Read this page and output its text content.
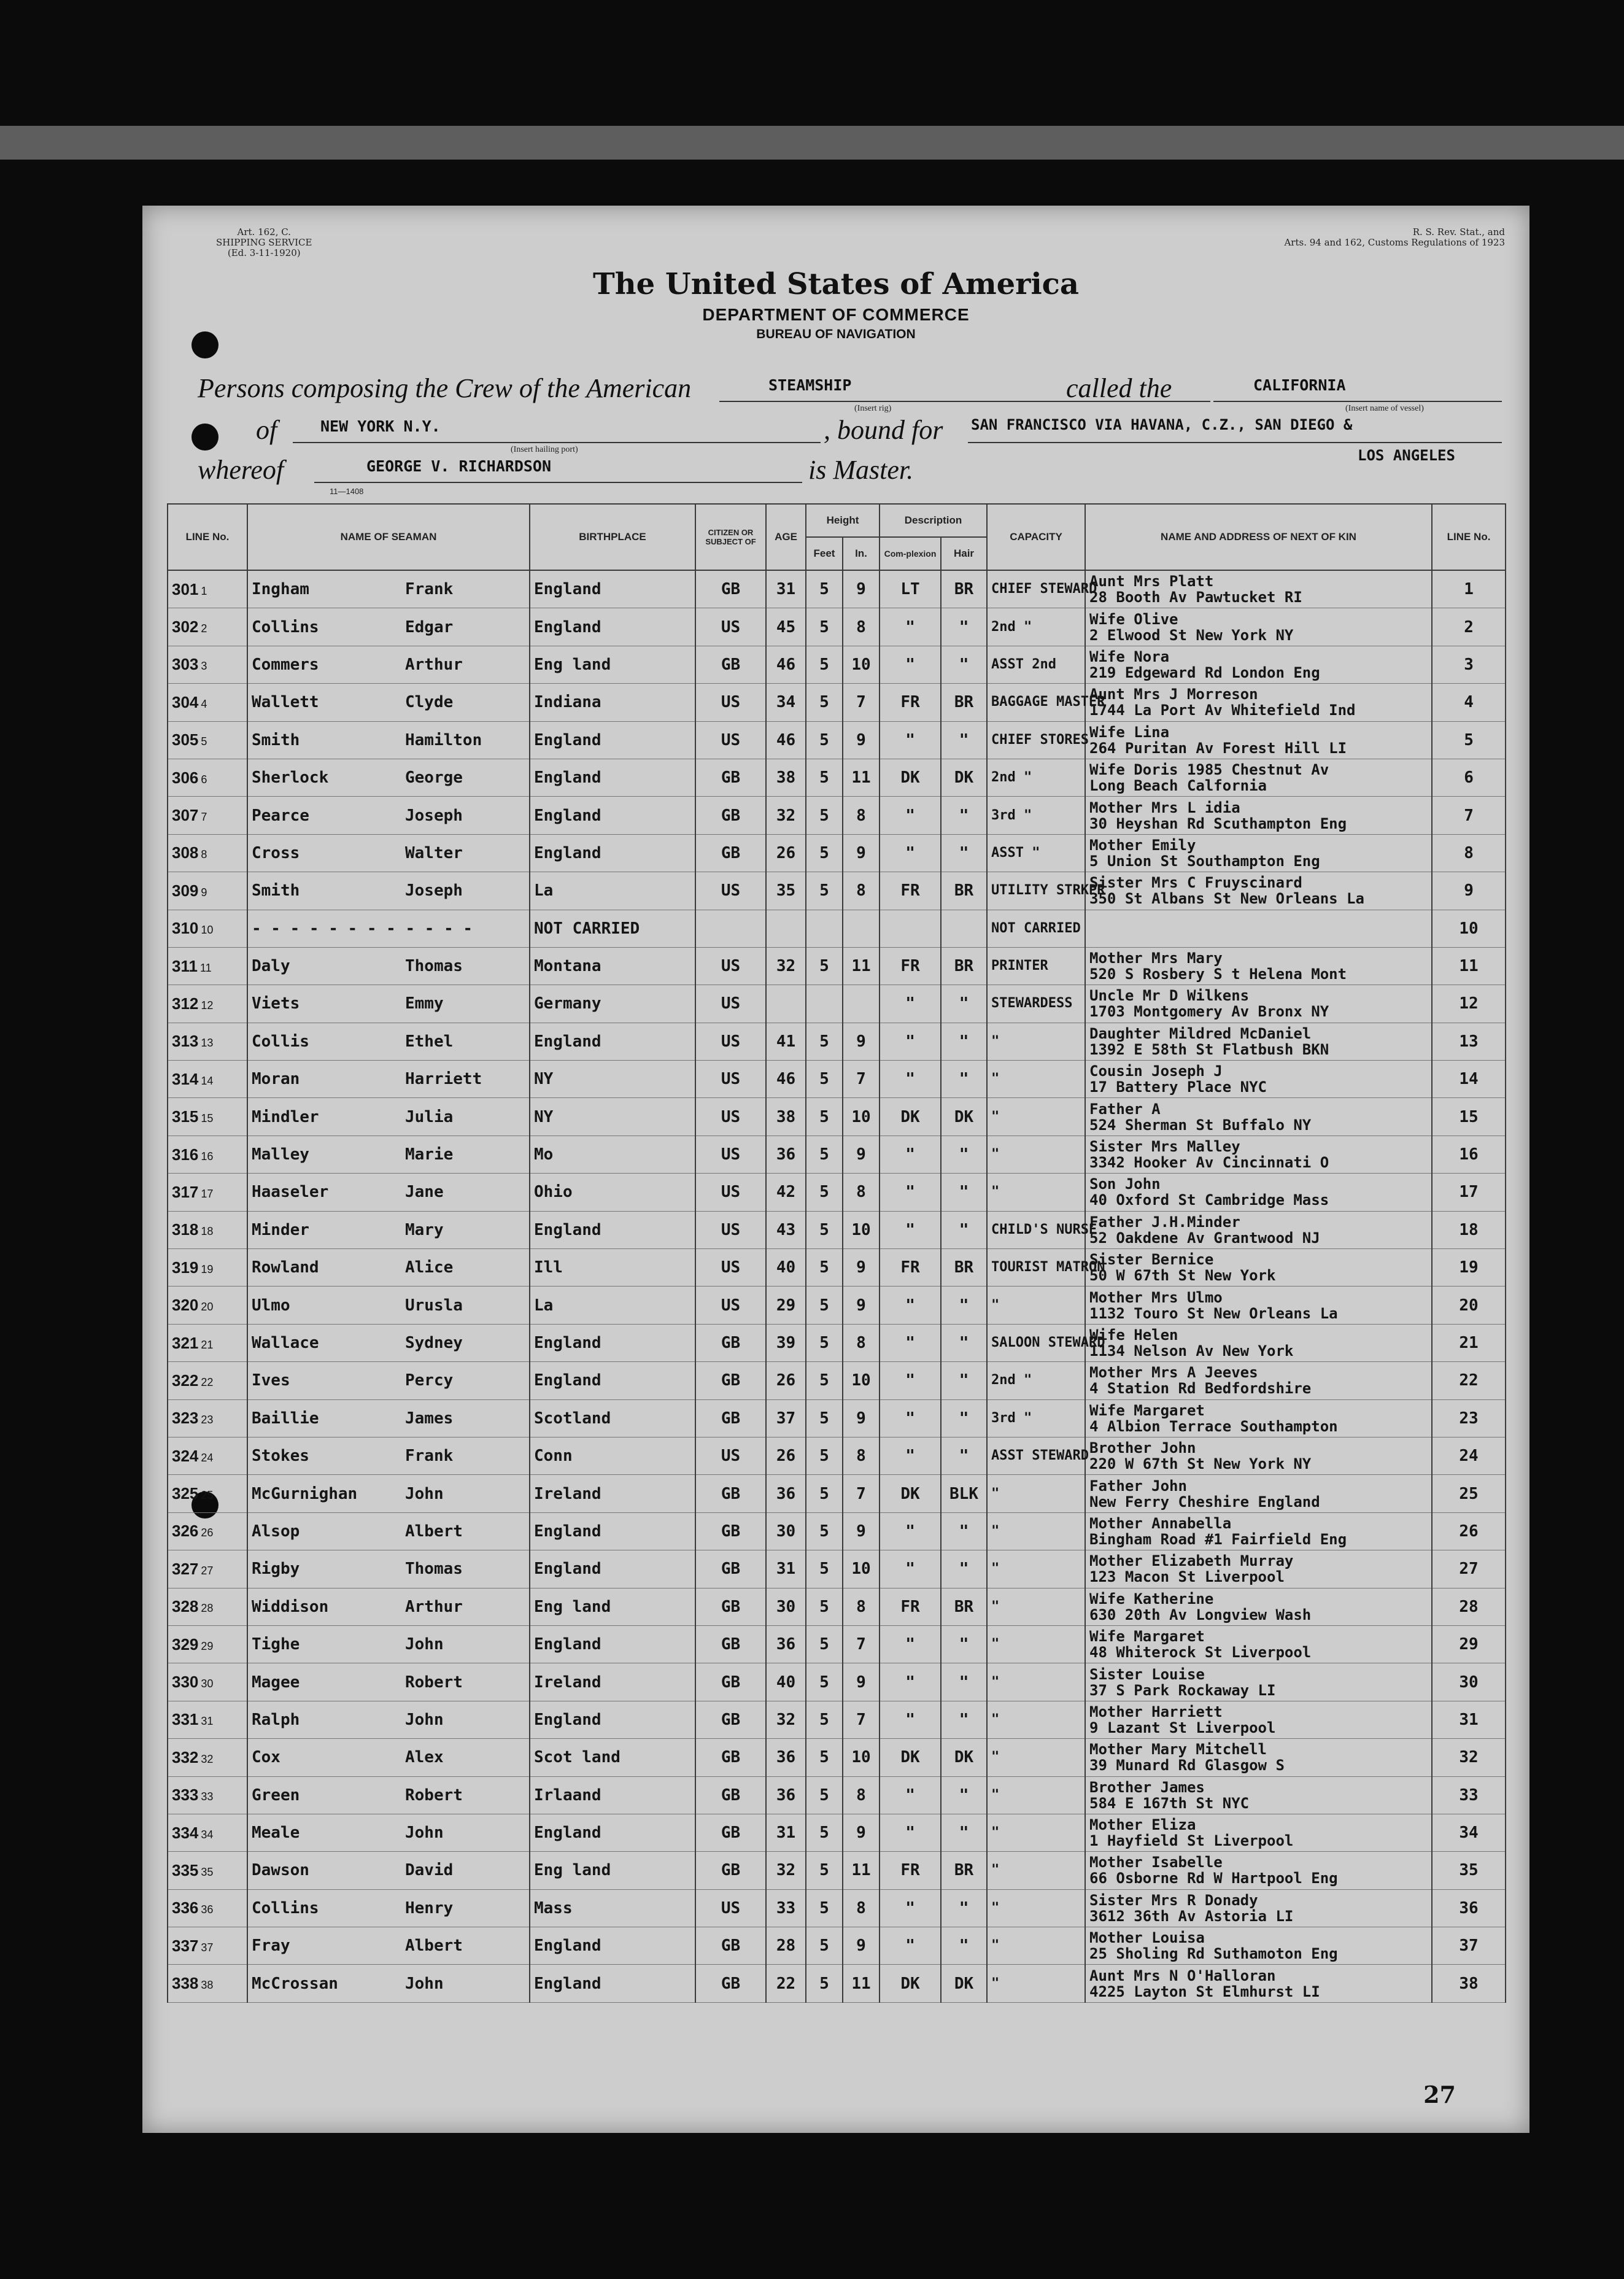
Art. 162, C.
SHIPPING SERVICE
(Ed. 3-11-1920)
R. S. Rev. Stat., and
Arts. 94 and 162, Customs Regulations of 1923
The United States of America
DEPARTMENT OF COMMERCE
BUREAU OF NAVIGATION
Persons composing the Crew of the American	STEAMSHIP
(Insert rig)
called the	CALIFORNIA
(Insert name of vessel)
of	NEW YORK N.Y.
(Insert hailing port)
, bound for SAN FRANCISCO VIA HAVANA, C.Z., SAN DIEGO &
LOS ANGELES
whereof	GEORGE V. RICHARDSON	is Master.
11—1408
LINE No.	NAME OF SEAMAN	BIRTHPLACE	CITIZEN OR SUBJECT OF	AGE	Height		Description		CAPACITY	NAME AND ADDRESS OF NEXT OF KIN	LINE No.
					Feet	In.	Com-plexion	Hair			
301 1	Ingham Frank	England	GB	31	5	9	LT	BR	CHIEF STEWARD	Aunt Mrs Platt
28 Booth Av Pawtucket RI	1
302 2	Collins Edgar	England	US	45	5	8	"	"	2nd "	Wife Olive
2 Elwood St New York NY	2
303 3	Commers Arthur	Eng land	GB	46	5	10	"	"	ASST 2nd	Wife Nora
219 Edgeward Rd London Eng	3
304 4	Wallett Clyde	Indiana	US	34	5	7	FR	BR	BAGGAGE MASTER	Aunt Mrs J Morreson
1744 La Port Av Whitefield Ind	4
305 5	Smith Hamilton	England	US	46	5	9	"	"	CHIEF STORES	Wife Lina
264 Puritan Av Forest Hill LI	5
306 6	Sherlock George	England	GB	38	5	11	DK	DK	2nd "	Wife Doris 1985 Chestnut Av
Long Beach Calfornia	6
307 7	Pearce Joseph	England	GB	32	5	8	"	"	3rd "	Mother Mrs L idia
30 Heyshan Rd Scuthampton Eng	7
308 8	Cross Walter	England	GB	26	5	9	"	"	ASST "	Mother Emily
5 Union St Southampton Eng	8
309 9	Smith Joseph	La	US	35	5	8	FR	BR	UTILITY STRKPR	Sister Mrs C Fruyscinard
350 St Albans St New Orleans La	9
310 10	- - - - - - - - - - - -	NOT CARRIED							NOT CARRIED		10
311 11	Daly Thomas	Montana	US	32	5	11	FR	BR	PRINTER	Mother Mrs Mary
520 S Rosbery S t Helena Mont	11
312 12	Viets Emmy	Germany	US				"	"	STEWARDESS	Uncle Mr D Wilkens
1703 Montgomery Av Bronx NY	12
313 13	Collis Ethel	England	US	41	5	9	"	"	"	Daughter Mildred McDaniel
1392 E 58th St Flatbush BKN	13
314 14	Moran Harriett	NY	US	46	5	7	"	"	"	Cousin Joseph J
17 Battery Place NYC	14
315 15	Mindler Julia	NY	US	38	5	10	DK	DK	"	Father A
524 Sherman St Buffalo NY	15
316 16	Malley Marie	Mo	US	36	5	9	"	"	"	Sister Mrs Malley
3342 Hooker Av Cincinnati O	16
317 17	Haaseler Jane	Ohio	US	42	5	8	"	"	"	Son John
40 Oxford St Cambridge Mass	17
318 18	Minder Mary	England	US	43	5	10	"	"	CHILD'S NURSE	Father J.H.Minder
52 Oakdene Av Grantwood NJ	18
319 19	Rowland Alice	Ill	US	40	5	9	FR	BR	TOURIST MATRON	Sister Bernice
50 W 67th St New York	19
320 20	Ulmo Urusla	La	US	29	5	9	"	"	"	Mother Mrs Ulmo
1132 Touro St New Orleans La	20
321 21	Wallace Sydney	England	GB	39	5	8	"	"	SALOON STEWARD	Wife Helen
1134 Nelson Av New York	21
322 22	Ives Percy	England	GB	26	5	10	"	"	2nd "	Mother Mrs A Jeeves
4 Station Rd Bedfordshire	22
323 23	Baillie James	Scotland	GB	37	5	9	"	"	3rd "	Wife Margaret
4 Albion Terrace Southampton	23
324 24	Stokes Frank	Conn	US	26	5	8	"	"	ASST STEWARD	Brother John
220 W 67th St New York NY	24
325 25	McGurnighan John	Ireland	GB	36	5	7	DK	BLK	"	Father John
New Ferry Cheshire England	25
326 26	Alsop Albert	England	GB	30	5	9	"	"	"	Mother Annabella
Bingham Road #1 Fairfield Eng	26
327 27	Rigby Thomas	England	GB	31	5	10	"	"	"	Mother Elizabeth Murray
123 Macon St Liverpool	27
328 28	Widdison Arthur	Eng land	GB	30	5	8	FR	BR	"	Wife Katherine
630 20th Av Longview Wash	28
329 29	Tighe John	England	GB	36	5	7	"	"	"	Wife Margaret
48 Whiterock St Liverpool	29
330 30	Magee Robert	Ireland	GB	40	5	9	"	"	"	Sister Louise
37 S Park Rockaway LI	30
331 31	Ralph John	England	GB	32	5	7	"	"	"	Mother Harriett
9 Lazant St Liverpool	31
332 32	Cox Alex	Scot land	GB	36	5	10	DK	DK	"	Mother Mary Mitchell
39 Munard Rd Glasgow S	32
333 33	Green Robert	Irlaand	GB	36	5	8	"	"	"	Brother James
584 E 167th St NYC	33
334 34	Meale John	England	GB	31	5	9	"	"	"	Mother Eliza
1 Hayfield St Liverpool	34
335 35	Dawson David	Eng land	GB	32	5	11	FR	BR	"	Mother Isabelle
66 Osborne Rd W Hartpool Eng	35
336 36	Collins Henry	Mass	US	33	5	8	"	"	"	Sister Mrs R Donady
3612 36th Av Astoria LI	36
337 37	Fray Albert	England	GB	28	5	9	"	"	"	Mother Louisa
25 Sholing Rd Suthamoton Eng	37
338 38	McCrossan John	England	GB	22	5	11	DK	DK	"	Aunt Mrs N O'Halloran
4225 Layton St Elmhurst LI	38
27
